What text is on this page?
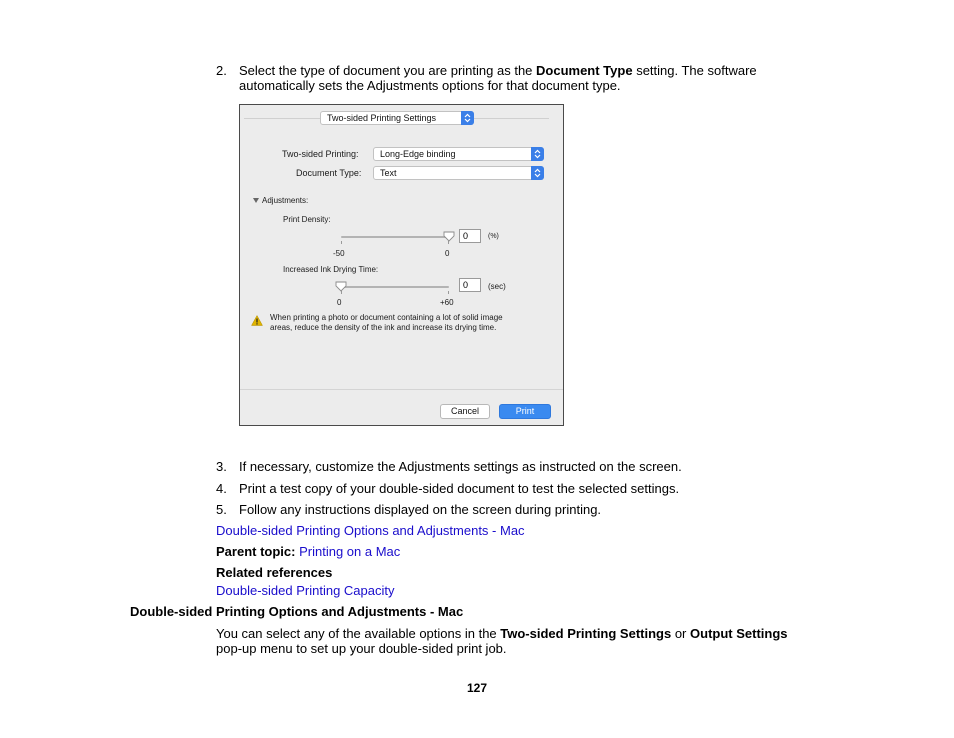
2. Select the type of document you are printing as the Document Type setting. The software
automatically sets the Adjustments options for that document type.
Two-sided Printing Settings
Two-sided Printing:	Long-Edge binding
Document Type:	Text
Adjustments:
Print Density:
0	(%)
-50	0
Increased Ink Drying Time:
0	(sec)
0	+60
When printing a photo or document containing a lot of solid image
areas, reduce the density of the ink and increase its drying time.
Cancel	Print
3. If necessary, customize the Adjustments settings as instructed on the screen.
4. Print a test copy of your double-sided document to test the selected settings.
5. Follow any instructions displayed on the screen during printing.
Double-sided Printing Options and Adjustments - Mac
Parent topic: Printing on a Mac
Related references
Double-sided Printing Capacity
Double-sided Printing Options and Adjustments - Mac
You can select any of the available options in the Two-sided Printing Settings or Output Settings
pop-up menu to set up your double-sided print job.
127
